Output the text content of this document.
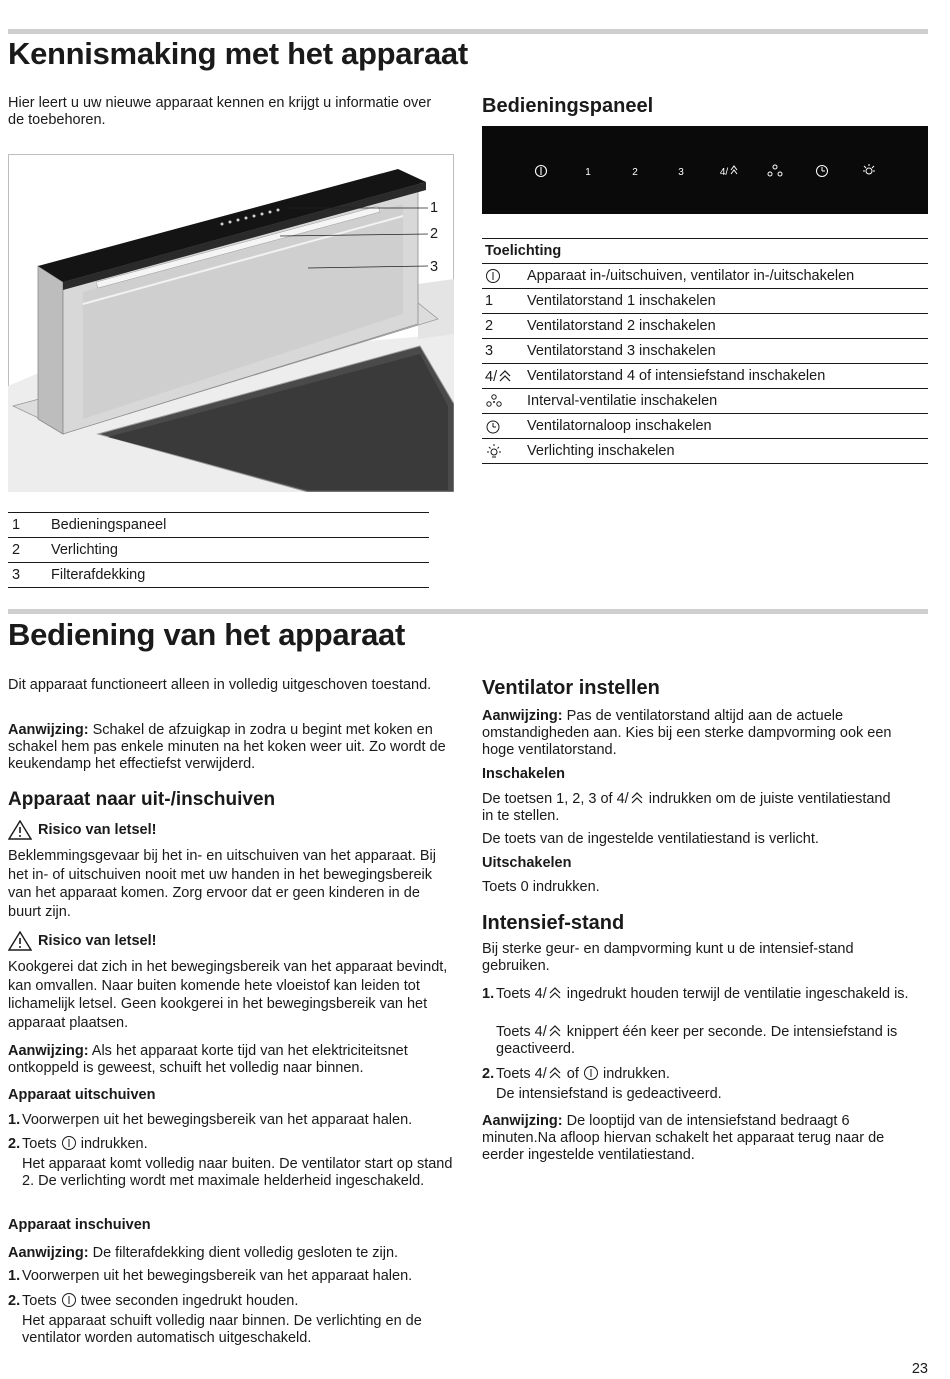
Kennismaking met het apparaat

Hier leert u uw nieuwe apparaat kennen en krijgt u informatie over de toebehoren.

1

2

3

1	Bedieningspaneel
2	Verlichting
3	Filterafdekking
Bedieningspaneel
1	2	3	4/
Toelichting	
	Apparaat in-/uitschuiven, ventilator in-/uitschakelen
1	Ventilatorstand 1 inschakelen
2	Ventilatorstand 2 inschakelen
3	Ventilatorstand 3 inschakelen
4/	Ventilatorstand 4 of intensiefstand inschakelen
	Interval-ventilatie inschakelen
	Ventilatornaloop inschakelen
	Verlichting inschakelen
Bediening van het apparaat

Dit apparaat functioneert alleen in volledig uitgeschoven toestand.

Aanwijzing: Schakel de afzuigkap in zodra u begint met koken en schakel hem pas enkele minuten na het koken weer uit. Zo wordt de keukendamp het effectiefst verwijderd.

Apparaat naar uit-/inschuiven
Risico van letsel!

Beklemmingsgevaar bij het in- en uitschuiven van het apparaat. Bij het in- of uitschuiven nooit met uw handen in het bewegingsbereik van het apparaat komen. Zorg ervoor dat er geen kinderen in de buurt zijn.

Risico van letsel!

Kookgerei dat zich in het bewegingsbereik van het apparaat bevindt, kan omvallen. Naar buiten komende hete vloeistof kan leiden tot lichamelijk letsel. Geen kookgerei in het bewegingsbereik van het apparaat plaatsen.

Aanwijzing: Als het apparaat korte tijd van het elektriciteitsnet ontkoppeld is geweest, schuift het volledig naar binnen.

Apparaat uitschuiven

1. Voorwerpen uit het bewegingsbereik van het apparaat halen.

2. Toets  indrukken.

Het apparaat komt volledig naar buiten. De ventilator start op stand 2. De verlichting wordt met maximale helderheid ingeschakeld.

Apparaat inschuiven

Aanwijzing: De filterafdekking dient volledig gesloten te zijn.

1. Voorwerpen uit het bewegingsbereik van het apparaat halen.

2. Toets  twee seconden ingedrukt houden.

Het apparaat schuift volledig naar binnen. De verlichting en de ventilator worden automatisch uitgeschakeld.

Ventilator instellen

Aanwijzing: Pas de ventilatorstand altijd aan de actuele omstandigheden aan. Kies bij een sterke dampvorming ook een hoge ventilatorstand.

Inschakelen

De toetsen 1, 2, 3 of 4/ indrukken om de juiste ventilatiestand in te stellen.

De toets van de ingestelde ventilatiestand is verlicht.

Uitschakelen

Toets 0 indrukken.

Intensief-stand

Bij sterke geur- en dampvorming kunt u de intensief-stand gebruiken.

1. Toets 4/ ingedrukt houden terwijl de ventilatie ingeschakeld is.

Toets 4/ knippert één keer per seconde. De intensiefstand is geactiveerd.

2. Toets 4/ of  indrukken.

De intensiefstand is gedeactiveerd.

Aanwijzing: De looptijd van de intensiefstand bedraagt 6 minuten.Na afloop hiervan schakelt het apparaat terug naar de eerder ingestelde ventilatiestand.

23
